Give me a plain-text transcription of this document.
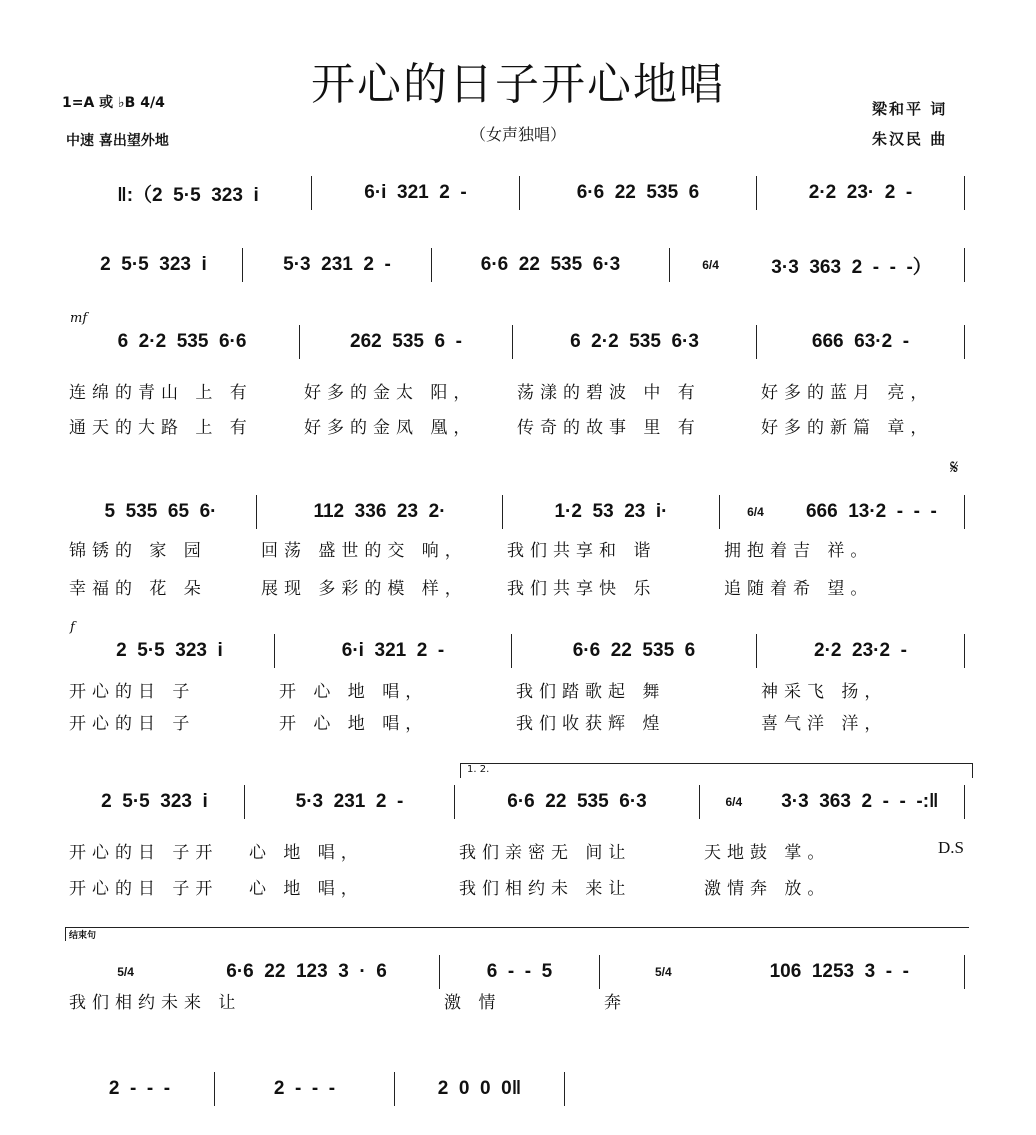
开心的日子开心地唱
（女声独唱）
1=A 或 ♭B 4/4
中速 喜出望外地
梁和平 词
朱汉民 曲
‖:（2  5·5  323  i	6·i  321  2  -	6·6  22  535  6	2·2  23·  2  -
2  5·5  323  i	5·3  231  2  -	6·6  22  535  6·3	6/4	3·3  363  2  -  -  -）
6  2·2  535  6·6	262  535  6  -	6  2·2  535  6·3	666  63·2  -
mf
连绵的青山 上 有	好多的金太 阳，	荡漾的碧波 中 有	好多的蓝月 亮，
通天的大路 上 有	好多的金凤 凰，	传奇的故事 里 有	好多的新篇 章，
5  535  65  6·	112  336  23  2·	1·2  53  23  i·	6/4 666  13·2  -  -  -
𝄋
锦锈的 家 园	回荡 盛世的交 响，	我们共享和 谐	拥抱着吉 祥。
幸福的 花 朵	展现 多彩的模 样，	我们共享快 乐	追随着希 望。
2  5·5  323  i	6·i  321  2  -	6·6  22  535  6	2·2  23·2  -
f
开心的日 子	开 心 地 唱，	我们踏歌起 舞	神采飞 扬，
开心的日 子	开 心 地 唱，	我们收获辉 煌	喜气洋 洋，
2  5·5  323  i	5·3  231  2  -	6·6  22  535  6·3	6/4 3·3  363  2  -  -  -:‖
1. 2.
开心的日 子开	心 地 唱，	我们亲密无 间让	天地鼓 掌。
开心的日 子开	心 地 唱，	我们相约未 来让	激情奔 放。
D.S
5/4	6·6  22  123  3  ·  6	6  -  -  5	5/4	106  1253  3  -  -
结束句
我们相约未来 让	激 情	奔
2  -  -  -	2  -  -  -	2  0  0  0‖
